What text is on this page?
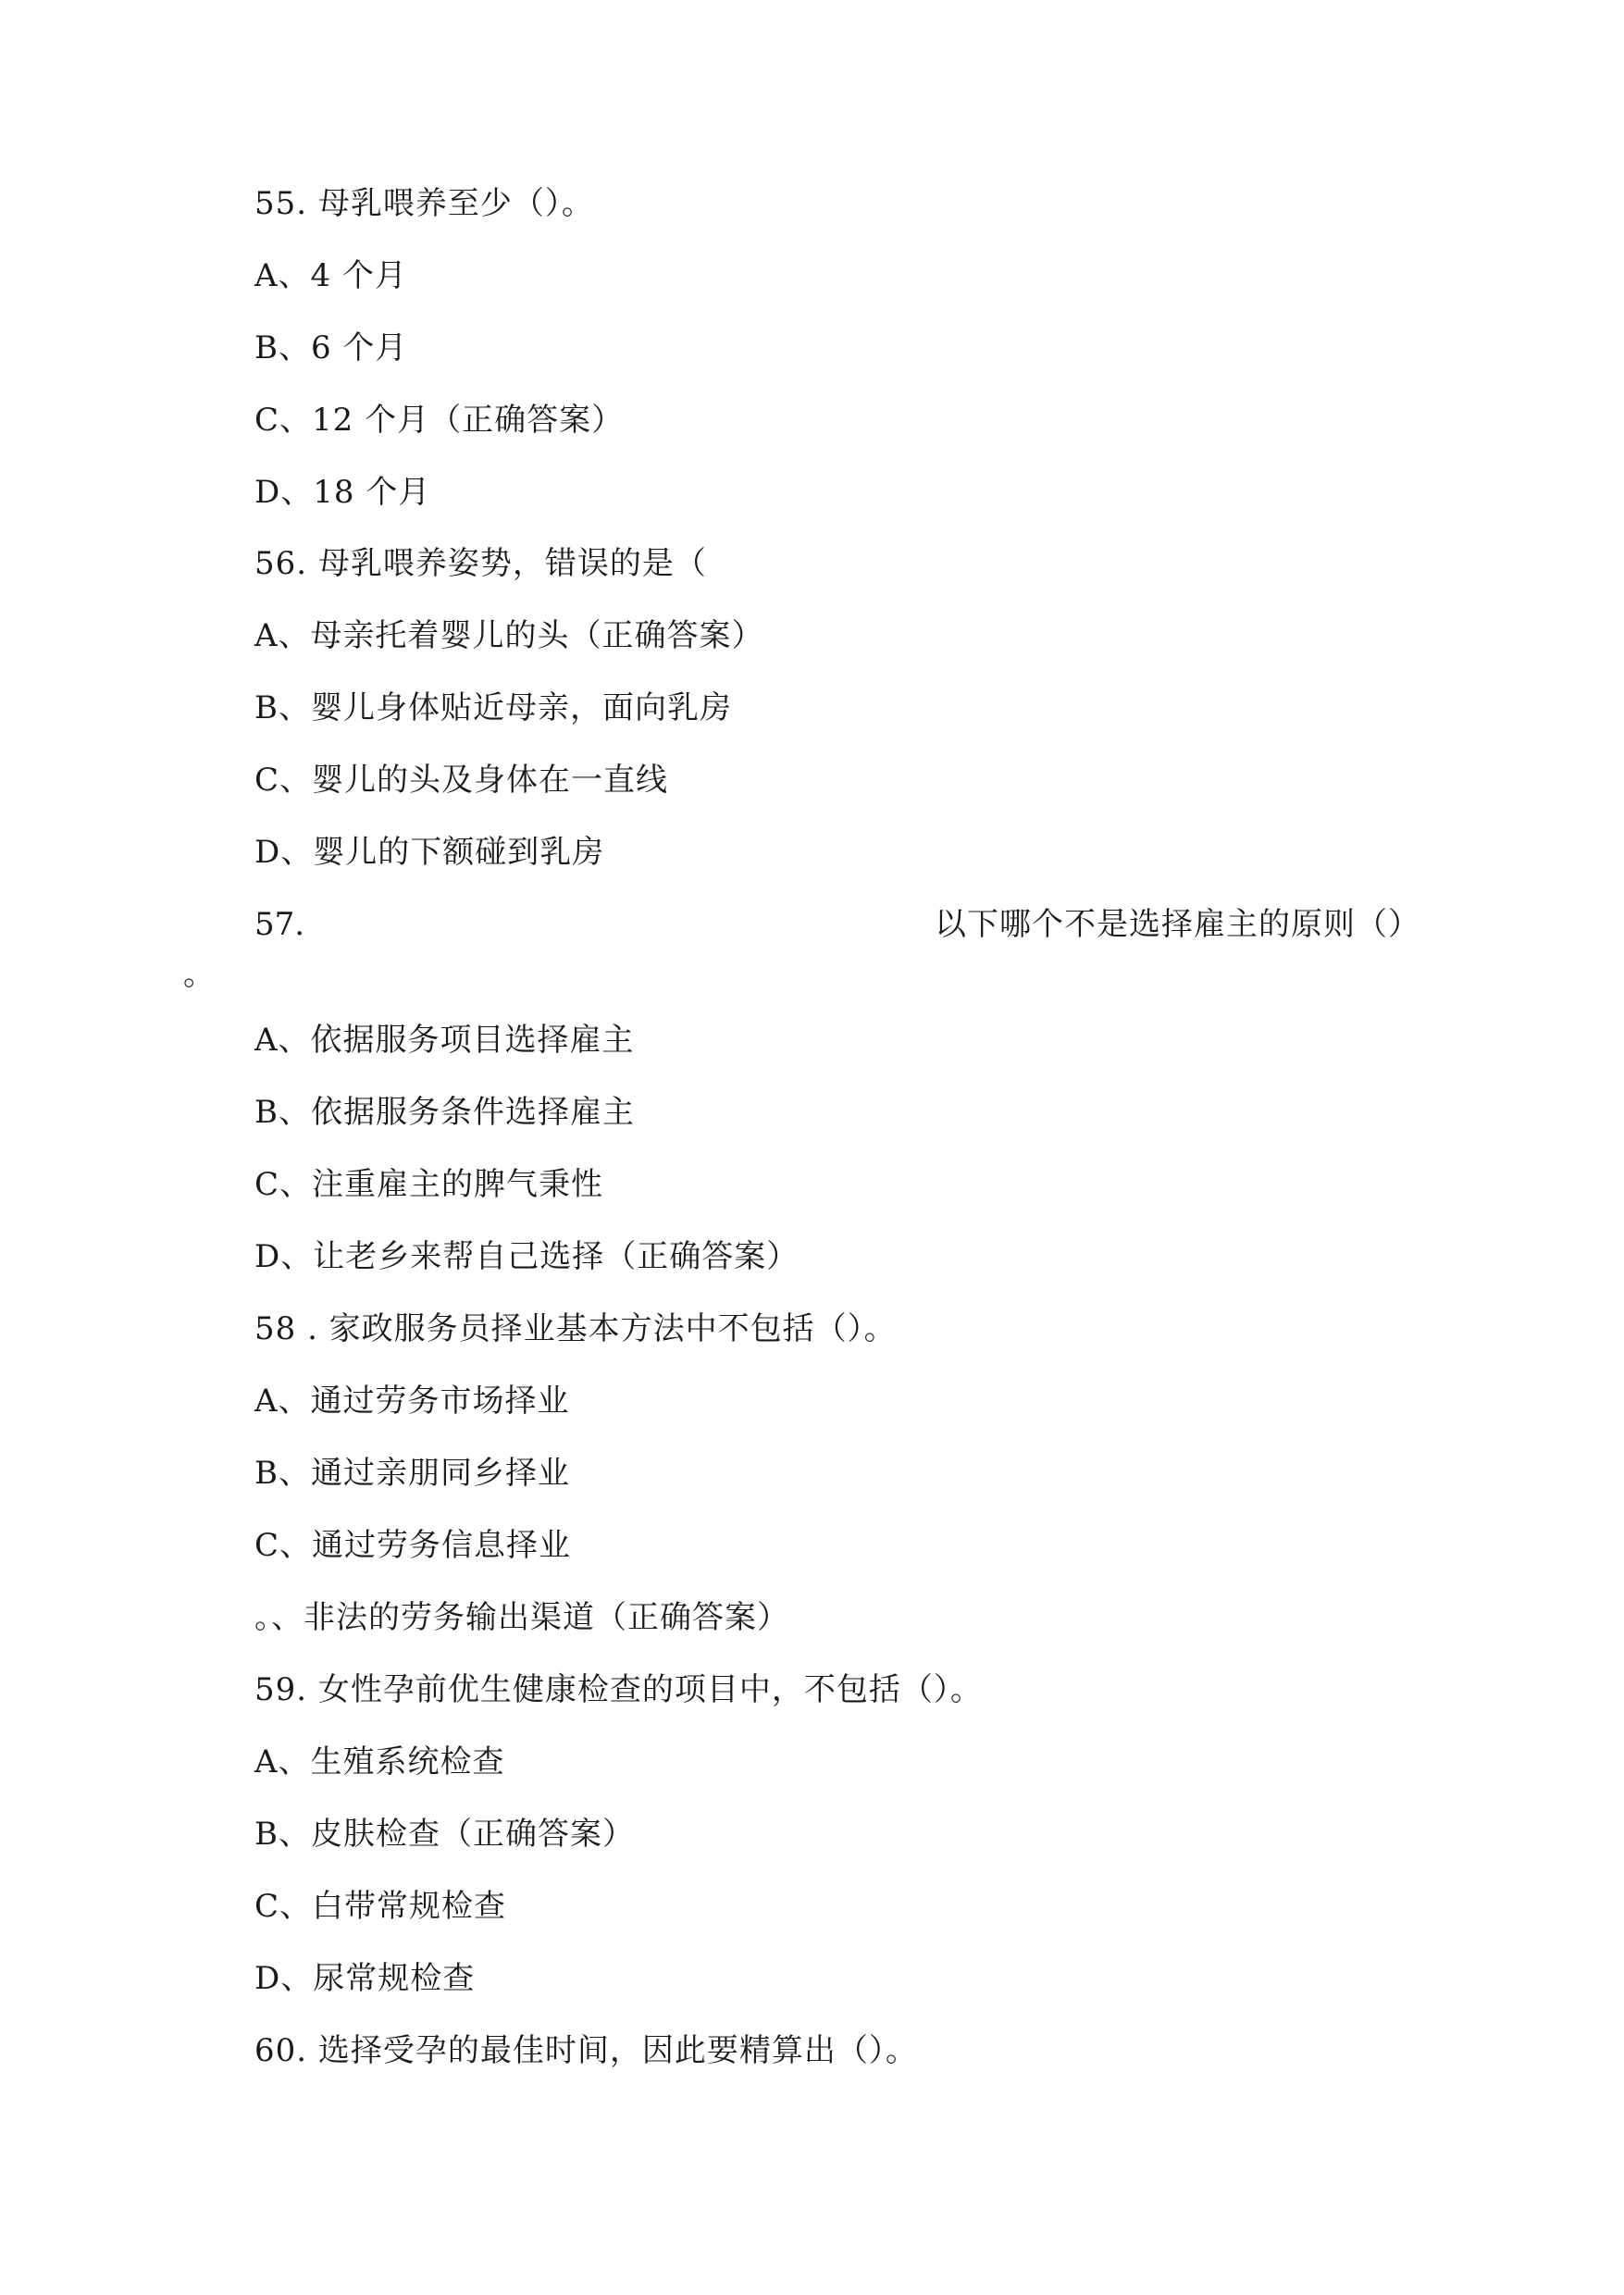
55. 母乳喂养至少（）。
A、4 个月
B、6 个月
C、12 个月（正确答案）
D、18 个月
56. 母乳喂养姿势，错误的是（
A、母亲托着婴儿的头（正确答案）
B、婴儿身体贴近母亲，面向乳房
C、婴儿的头及身体在一直线
D、婴儿的下额碰到乳房
57.	以下哪个不是选择雇主的原则（）
。
A、依据服务项目选择雇主
B、依据服务条件选择雇主
C、注重雇主的脾气秉性
D、让老乡来帮自己选择（正确答案）
58 . 家政服务员择业基本方法中不包括（）。
A、通过劳务市场择业
B、通过亲朋同乡择业
C、通过劳务信息择业
。、非法的劳务输出渠道（正确答案）
59. 女性孕前优生健康检查的项目中，不包括（）。
A、生殖系统检查
B、皮肤检查（正确答案）
C、白带常规检查
D、尿常规检查
60. 选择受孕的最佳时间，因此要精算出（）。
